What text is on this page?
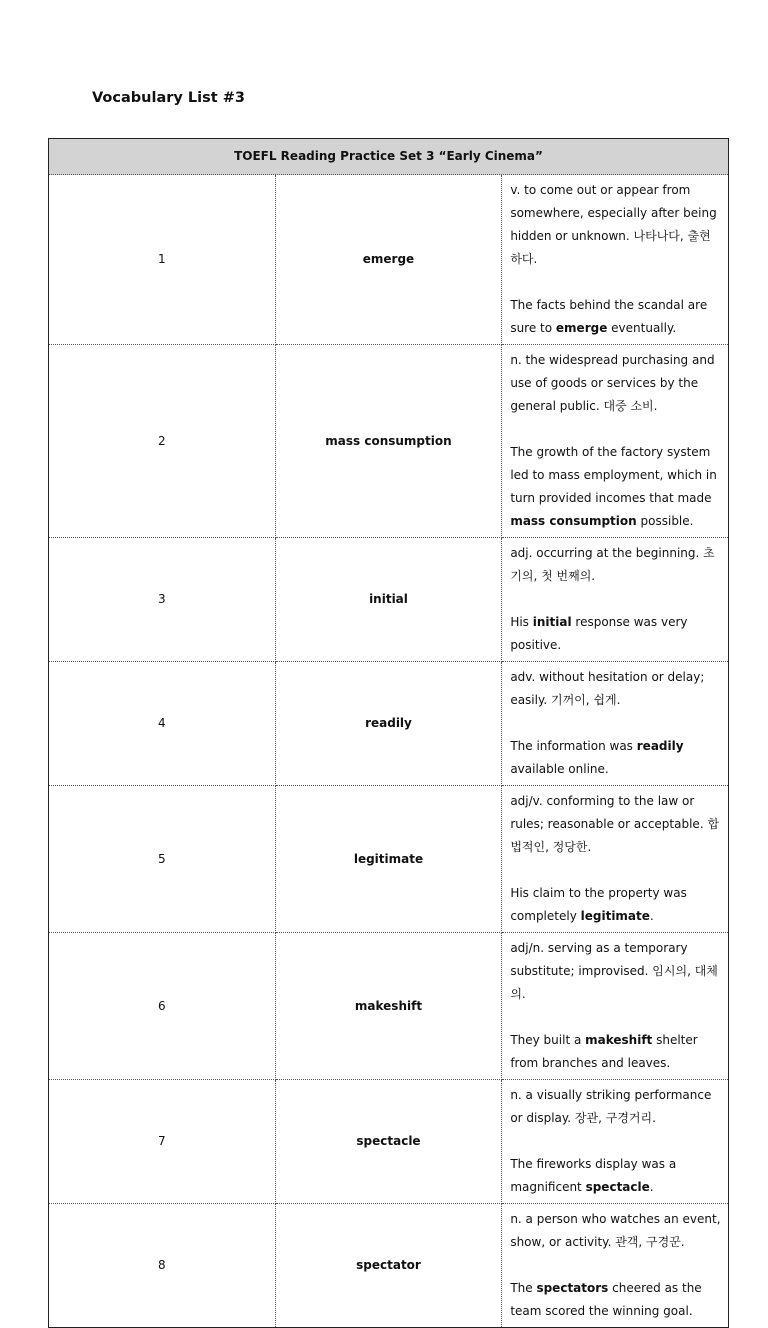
Vocabulary List #3
TOEFL Reading Practice Set 3 “Early Cinema”		
1	emerge	v. to come out or appear from somewhere, especially after being hidden or unknown. 나타나다, 출현하다.

The facts behind the scandal are sure to emerge eventually.

2	mass consumption	n. the widespread purchasing and use of goods or services by the general public. 대중 소비.

The growth of the factory system led to mass employment, which in turn provided incomes that made mass consumption possible.

3	initial	adj. occurring at the beginning. 초기의, 첫 번째의.

His initial response was very positive.

4	readily	adv. without hesitation or delay; easily. 기꺼이, 쉽게.

The information was readily available online.

5	legitimate	adj/v. conforming to the law or rules; reasonable or acceptable. 합법적인, 정당한.

His claim to the property was completely legitimate.

6	makeshift	adj/n. serving as a temporary substitute; improvised. 임시의, 대체의.

They built a makeshift shelter from branches and leaves.

7	spectacle	n. a visually striking performance or display. 장관, 구경거리.

The fireworks display was a magnificent spectacle.

8	spectator	n. a person who watches an event, show, or activity. 관객, 구경꾼.

The spectators cheered as the team scored the winning goal.
